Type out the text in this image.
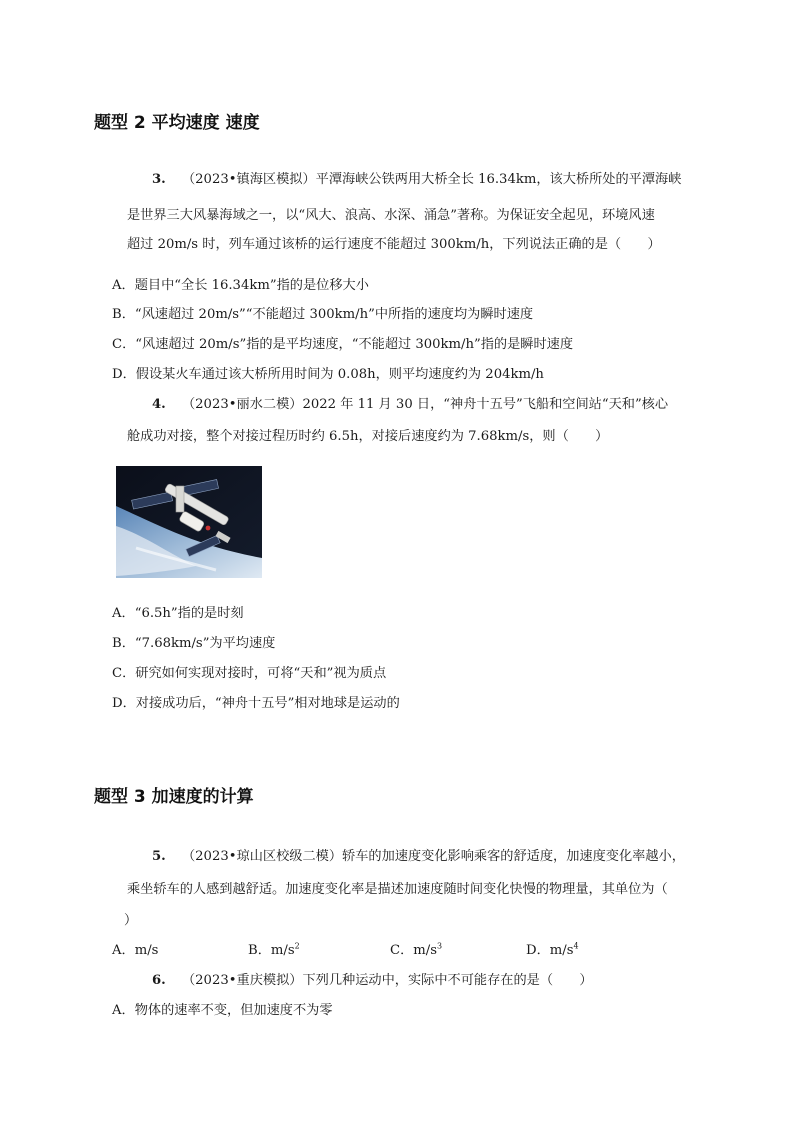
题型 2 平均速度 速度
3. （2023•镇海区模拟）平潭海峡公铁两用大桥全长 16.34km，该大桥所处的平潭海峡
是世界三大风暴海域之一，以“风大、浪高、水深、涌急”著称。为保证安全起见，环境风速
超过 20m/s 时，列车通过该桥的运行速度不能超过 300km/h，下列说法正确的是（　　）
A．题目中“全长 16.34km”指的是位移大小
B．“风速超过 20m/s”“不能超过 300km/h”中所指的速度均为瞬时速度
C．“风速超过 20m/s”指的是平均速度，“不能超过 300km/h”指的是瞬时速度
D．假设某火车通过该大桥所用时间为 0.08h，则平均速度约为 204km/h
4. （2023•丽水二模）2022 年 11 月 30 日，“神舟十五号”飞船和空间站“天和”核心
舱成功对接，整个对接过程历时约 6.5h，对接后速度约为 7.68km/s，则（　　）
A．“6.5h”指的是时刻
B．“7.68km/s”为平均速度
C．研究如何实现对接时，可将“天和”视为质点
D．对接成功后，“神舟十五号”相对地球是运动的
题型 3 加速度的计算
5. （2023•琼山区校级二模）轿车的加速度变化影响乘客的舒适度，加速度变化率越小，
乘坐轿车的人感到越舒适。加速度变化率是描述加速度随时间变化快慢的物理量，其单位为（
）
A．m/s	B．$m/s^2$	C．$m/s^3$	D．$m/s^4$
6. （2023•重庆模拟）下列几种运动中，实际中不可能存在的是（　　）
A．物体的速率不变，但加速度不为零
